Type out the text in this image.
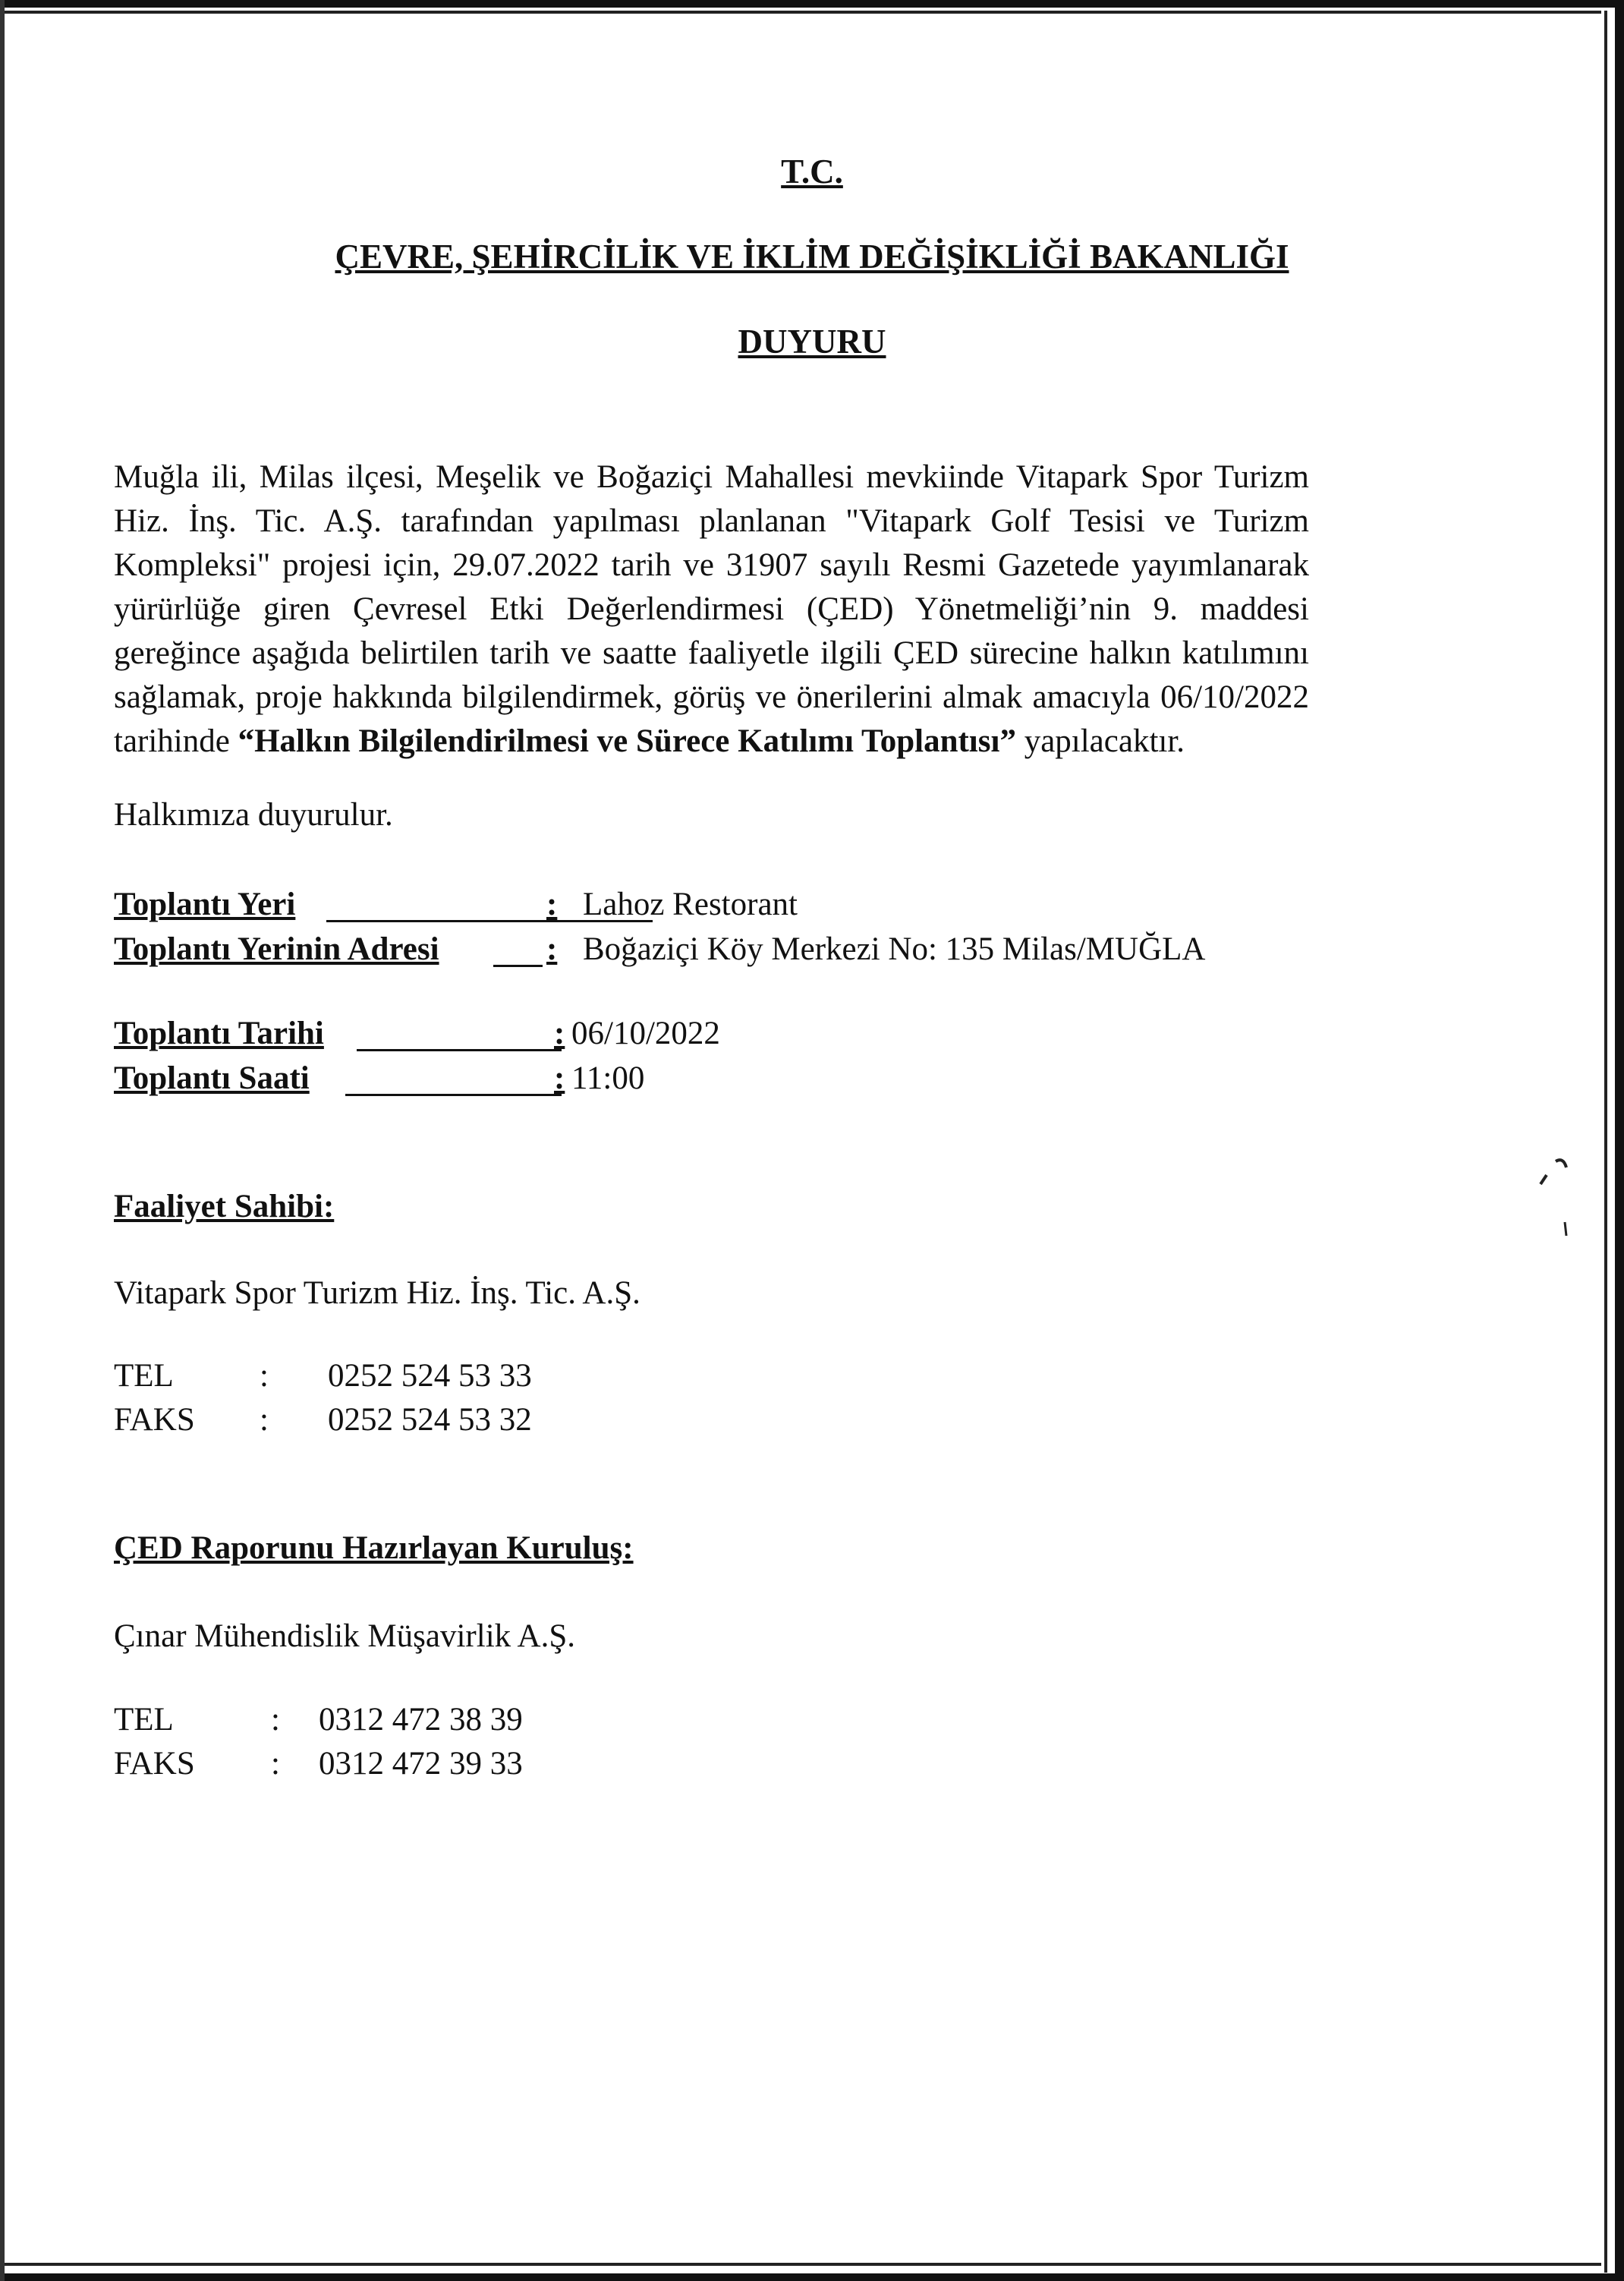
T.C.
ÇEVRE, ŞEHİRCİLİK VE İKLİM DEĞİŞİKLİĞİ BAKANLIĞI
DUYURU
Muğla ili, Milas ilçesi, Meşelik ve Boğaziçi Mahallesi mevkiinde Vitapark Spor Turizm Hiz. İnş. Tic. A.Ş. tarafından yapılması planlanan "Vitapark Golf Tesisi ve Turizm Kompleksi" projesi için, 29.07.2022 tarih ve 31907 sayılı Resmi Gazetede yayımlanarak yürürlüğe giren Çevresel Etki Değerlendirmesi (ÇED) Yönetmeliği’nin 9. maddesi gereğince aşağıda belirtilen tarih ve saatte faaliyetle ilgili ÇED sürecine halkın katılımını sağlamak, proje hakkında bilgilendirmek, görüş ve önerilerini almak amacıyla 06/10/2022 tarihinde “Halkın Bilgilendirilmesi ve Sürece Katılımı Toplantısı” yapılacaktır.
Halkımıza duyurulur.
Toplantı Yeri	: Lahoz Restorant
Toplantı Yerinin Adresi	: Boğaziçi Köy Merkezi No: 135 Milas/MUĞLA
Toplantı Tarihi	: 06/10/2022
Toplantı Saati	: 11:00
Faaliyet Sahibi:
Vitapark Spor Turizm Hiz. İnş. Tic. A.Ş.
TEL	: 0252 524 53 33
FAKS : 0252 524 53 32
ÇED Raporunu Hazırlayan Kuruluş:
Çınar Mühendislik Müşavirlik A.Ş.
TEL	: 0312 472 38 39
FAKS : 0312 472 39 33
